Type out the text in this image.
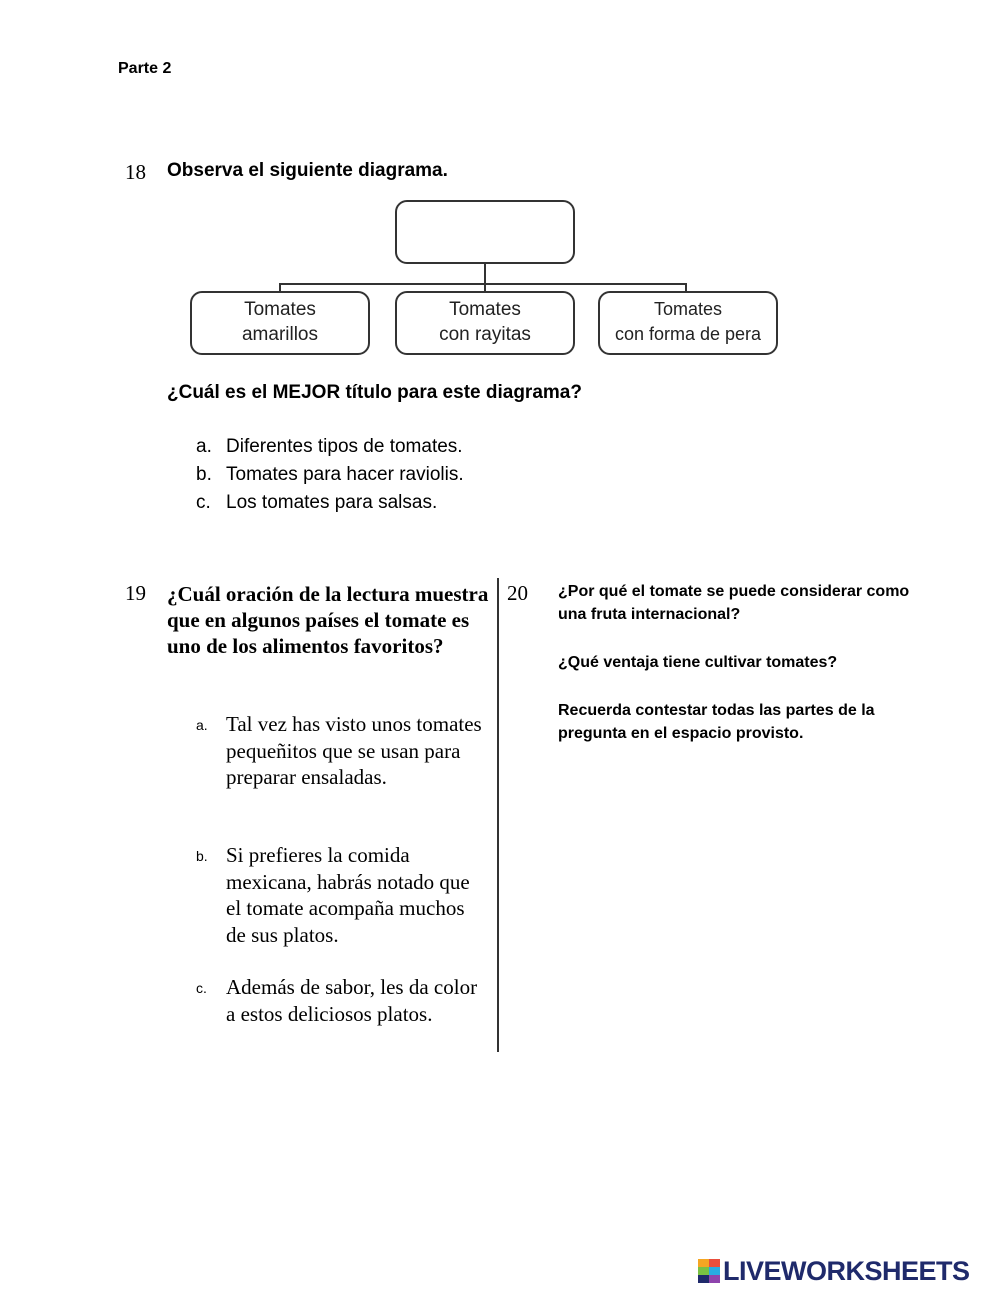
Parte 2
18 Observa el siguiente diagrama.
Tomates
amarillos
Tomates
con rayitas
Tomates
con forma de pera
¿Cuál es el MEJOR título para este diagrama?
a. Diferentes tipos de tomates.
b. Tomates para hacer raviolis.
c. Los tomates para salsas.
19 ¿Cuál oración de la lectura muestra que en algunos países el tomate es uno de los alimentos favoritos?
a. Tal vez has visto unos tomates pequeñitos que se usan para preparar ensaladas.
b. Si prefieres la comida mexicana, habrás notado que el tomate acompaña muchos de sus platos.
c. Además de sabor, les da color a estos deliciosos platos.
20 ¿Por qué el tomate se puede considerar como una fruta internacional?
¿Qué ventaja tiene cultivar tomates?
Recuerda contestar todas las partes de la pregunta en el espacio provisto.
LIVEWORKSHEETS
